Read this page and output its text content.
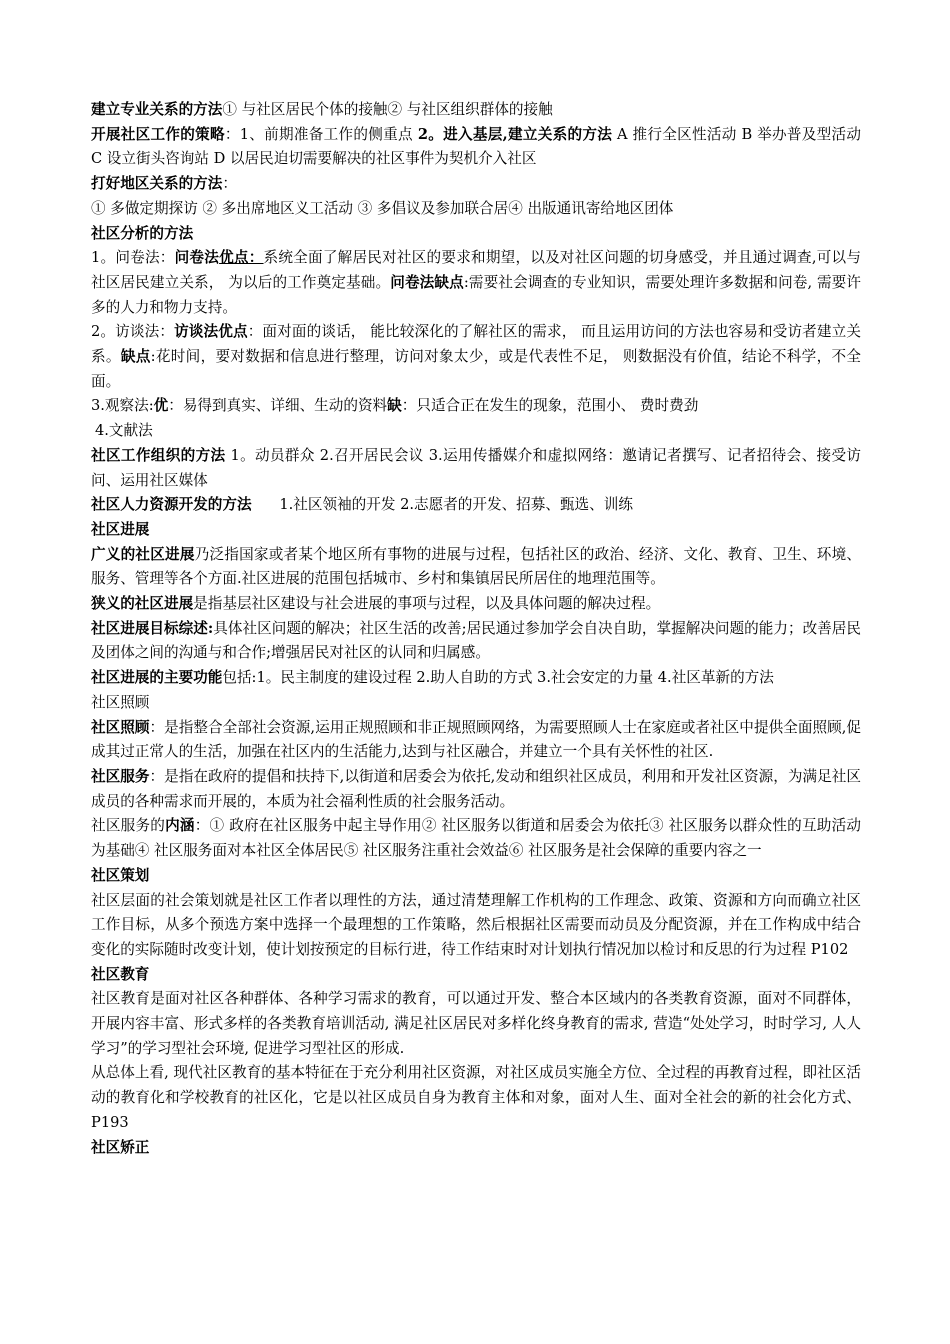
建立专业关系的方法① 与社区居民个体的接触② 与社区组织群体的接触

开展社区工作的策略：1、前期准备工作的侧重点 2。进入基层,建立关系的方法 A 推行全区性活动 B 举办普及型活动 C 设立街头咨询站 D 以居民迫切需要解决的社区事件为契机介入社区

打好地区关系的方法：

① 多做定期探访 ② 多出席地区义工活动 ③ 多倡议及参加联合居④ 出版通讯寄给地区团体

社区分析的方法

1。问卷法：问卷法优点：系统全面了解居民对社区的要求和期望，以及对社区问题的切身感受，并且通过调查,可以与社区居民建立关系， 为以后的工作奠定基础。问卷法缺点:需要社会调查的专业知识，需要处理许多数据和问卷, 需要许多的人力和物力支持。

2。访谈法：访谈法优点：面对面的谈话， 能比较深化的了解社区的需求， 而且运用访问的方法也容易和受访者建立关系。缺点:花时间，要对数据和信息进行整理，访问对象太少，或是代表性不足， 则数据没有价值，结论不科学，不全面。

3.观察法:优：易得到真实、详细、生动的资料缺：只适合正在发生的现象，范围小、 费时费劲

4.文献法

社区工作组织的方法 1。动员群众 2.召开居民会议 3.运用传播媒介和虚拟网络：邀请记者撰写、记者招待会、接受访问、运用社区媒体

社区人力资源开发的方法      1.社区领袖的开发 2.志愿者的开发、招募、甄选、训练

社区进展

广义的社区进展乃泛指国家或者某个地区所有事物的进展与过程，包括社区的政治、经济、文化、教育、卫生、环境、服务、管理等各个方面.社区进展的范围包括城市、乡村和集镇居民所居住的地理范围等。

狭义的社区进展是指基层社区建设与社会进展的事项与过程，以及具体问题的解决过程。

社区进展目标综述:具体社区问题的解决；社区生活的改善;居民通过参加学会自决自助，掌握解决问题的能力；改善居民及团体之间的沟通与和合作;增强居民对社区的认同和归属感。

社区进展的主要功能包括:1。民主制度的建设过程 2.助人自助的方式 3.社会安定的力量 4.社区革新的方法

社区照顾

社区照顾：是指整合全部社会资源,运用正规照顾和非正规照顾网络，为需要照顾人士在家庭或者社区中提供全面照顾,促成其过正常人的生活，加强在社区内的生活能力,达到与社区融合，并建立一个具有关怀性的社区.

社区服务：是指在政府的提倡和扶持下,以街道和居委会为依托,发动和组织社区成员，利用和开发社区资源，为满足社区成员的各种需求而开展的，本质为社会福利性质的社会服务活动。

社区服务的内涵：① 政府在社区服务中起主导作用② 社区服务以街道和居委会为依托③ 社区服务以群众性的互助活动为基础④ 社区服务面对本社区全体居民⑤ 社区服务注重社会效益⑥ 社区服务是社会保障的重要内容之一

社区策划

社区层面的社会策划就是社区工作者以理性的方法，通过清楚理解工作机构的工作理念、政策、资源和方向而确立社区工作目标，从多个预选方案中选择一个最理想的工作策略，然后根据社区需要而动员及分配资源，并在工作构成中结合变化的实际随时改变计划，使计划按预定的目标行进，待工作结束时对计划执行情况加以检讨和反思的行为过程 P102

社区教育

社区教育是面对社区各种群体、各种学习需求的教育，可以通过开发、整合本区域内的各类教育资源，面对不同群体，开展内容丰富、形式多样的各类教育培训活动, 满足社区居民对多样化终身教育的需求, 营造“处处学习，时时学习, 人人学习”的学习型社会环境, 促进学习型社区的形成.

从总体上看, 现代社区教育的基本特征在于充分利用社区资源，对社区成员实施全方位、全过程的再教育过程，即社区活动的教育化和学校教育的社区化，它是以社区成员自身为教育主体和对象，面对人生、面对全社会的新的社会化方式、P193

社区矫正
